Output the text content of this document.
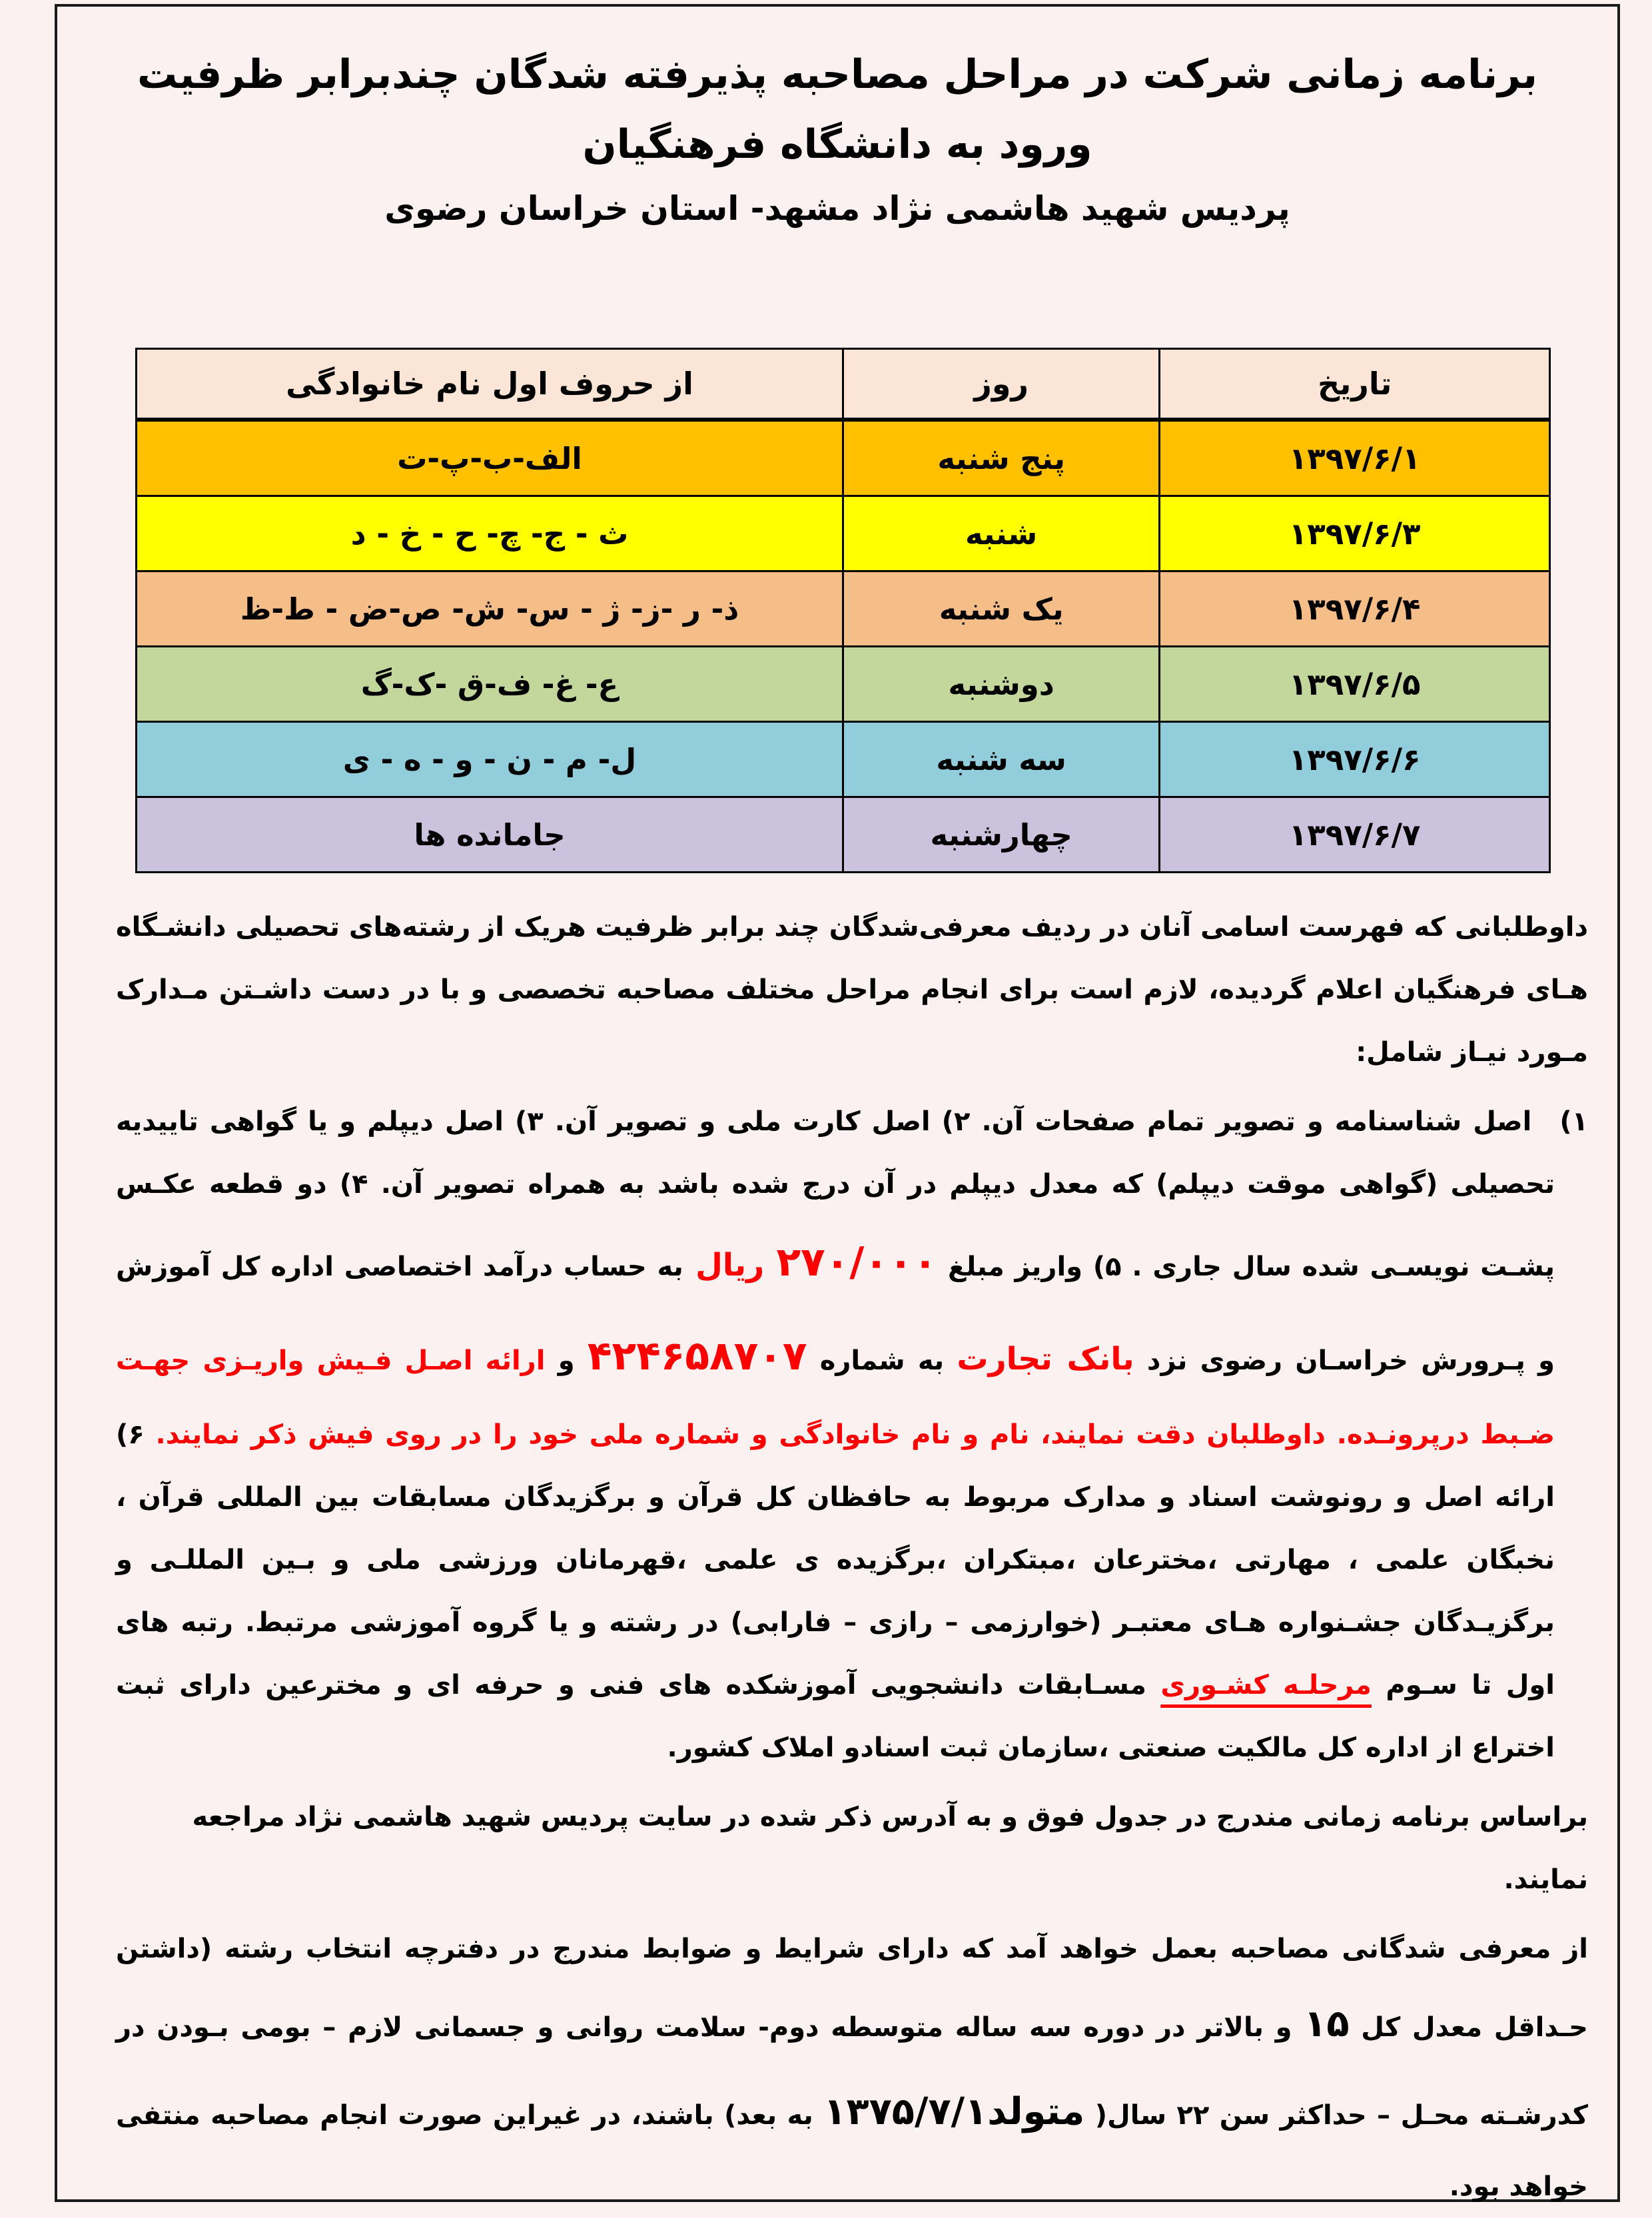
برنامه زمانی شرکت در مراحل مصاحبه پذیرفته شدگان چندبرابر ظرفیت
ورود به دانشگاه فرهنگیان
پردیس شهید هاشمی نژاد مشهد- استان خراسان رضوی
تاریخ	روز	از حروف اول نام خانوادگی
۱۳۹۷/۶/۱	پنج شنبه	الف-ب-پ-ت
۱۳۹۷/۶/۳	شنبه	ث - ج- چ- ح - خ - د
۱۳۹۷/۶/۴	یک شنبه	ذ- ر -ز- ژ - س- ش- ص-ض - ط-ظ
۱۳۹۷/۶/۵	دوشنبه	ع- غ- ف-ق -ک-گ
۱۳۹۷/۶/۶	سه شنبه	ل- م - ن - و - ه - ی
۱۳۹۷/۶/۷	چهارشنبه	جامانده ها

داوطلبانی که فهرست اسامی آنان در ردیف معرفی‌شدگان چند برابر ظرفیت هریک از رشته‌های تحصیلی دانشـگاه هـای فرهنگیان اعلام گردیده، لازم است برای انجام مراحل مختلف مصاحبه تخصصی و با در دست داشـتن مـدارک مـورد نیـاز شامل:

۱)اصل شناسنامه و تصویر تمام صفحات آن. ۲) اصل کارت ملی و تصویر آن. ۳) اصل دیپلم و یا گواهی تاییدیه تحصیلی (گواهی موقت دیپلم) که معدل دیپلم در آن درج شده باشد به همراه تصویر آن. ۴) دو قطعه عکـس پشـت نویسـی شده سال جاری . ۵) واریز مبلغ ۲۷۰/۰۰۰ ریال به حساب درآمد اختصاصی اداره کل آموزش و پـرورش خراسـان رضوی نزد بانک تجارت به شماره ۴۲۴۶۵۸۷۰۷ و ارائه اصـل فـیش واریـزی جهـت ضـبط درپرونـده. داوطلبان دقت نمایند، نام و نام خانوادگی و شماره ملی خود را در روی فیش ذکر نمایند. ۶) ارائه اصل و رونوشت اسناد و مدارک مربوط به حافظان کل قرآن و برگزیدگان مسابقات بین المللی قرآن ، نخبگان علمی ، مهارتی ،مخترعان ،مبتکران ،برگزیده ی علمی ،قهرمانان ورزشی ملی و بـین المللـی و برگزیـدگان جشـنواره هـای معتبـر (خوارزمی – رازی – فارابی) در رشته و یا گروه آموزشی مرتبط. رتبه های اول تا سـوم مرحلـه کشـوری مسـابقات دانشجویی آموزشکده های فنی و حرفه ای و مخترعین دارای ثبت اختراع از اداره کل مالکیت صنعتی ،سازمان ثبت اسنادو املاک کشور.

براساس برنامه زمانی مندرج در جدول فوق و به آدرس ذکر شده در سایت پردیس شهید هاشمی نژاد مراجعه نمایند.

از معرفی شدگانی مصاحبه بعمل خواهد آمد که دارای شرایط و ضوابط مندرج در دفترچه انتخاب رشته (داشتن حـداقل معدل کل ۱۵ و بالاتر در دوره سه ساله متوسطه دوم- سلامت روانی و جسمانی لازم – بومی بـودن در کدرشـته محـل – حداکثر سن ۲۲ سال( متولد۱۳۷۵/۷/۱ به بعد) باشند، در غیراین صورت انجام مصاحبه منتفی خواهد بود.
